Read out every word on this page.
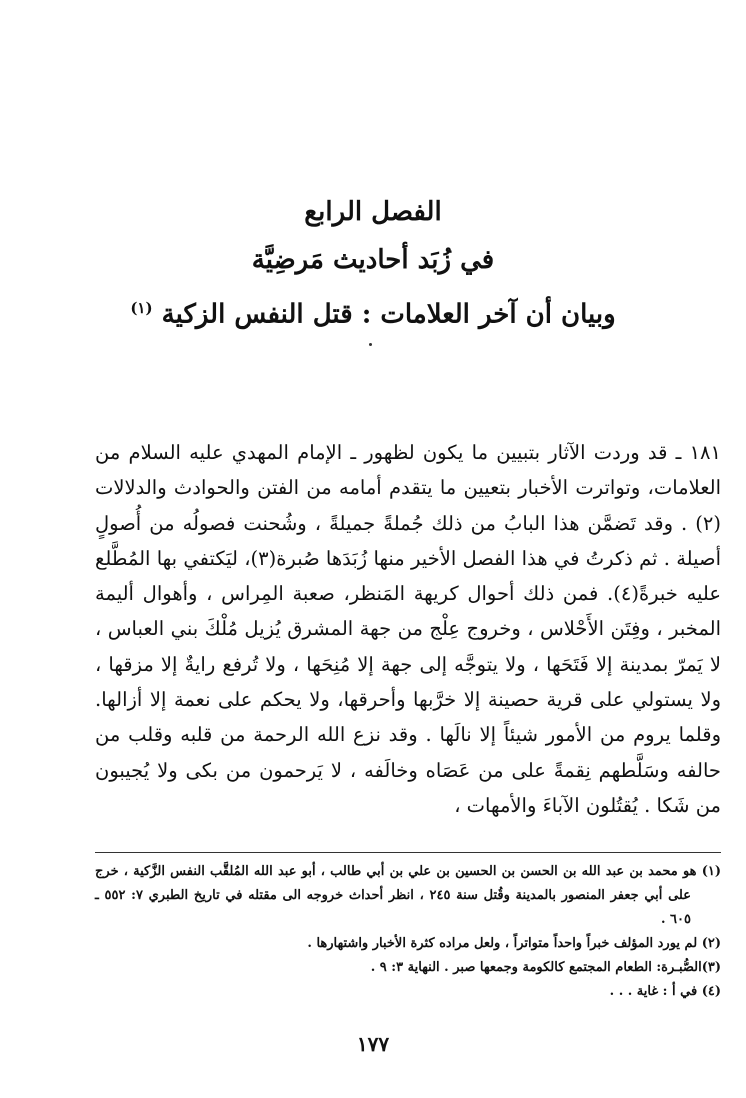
الفصل الرابع

في زُبَد أحاديث مَرضِيَّة

وبيان أن آخر العلامات : قتل النفس الزكية $^{(١)}$

١٨١ ـ قد وردت الآثار بتبيين ما يكون لظهور ـ الإمام المهدي عليه السلام من العلامات، وتواترت الأخبار بتعيين ما يتقدم أمامه من الفتن والحوادث والدلالات (٢) . وقد تَضمَّن هذا البابُ من ذلك جُملةً جميلةً ، وشُحنت فصولُه من أُصولٍ أصيلة . ثم ذكرتُ في هذا الفصل الأخير منها زُبَدَها صُبرة(٣)، ليَكتفي بها المُطَّلع عليه خبرةً(٤). فمن ذلك أحوال كريهة المَنظر، صعبة المِراس ، وأهوال أليمة المخبر ، وفِتَن الأَحْلاس ، وخروج عِلْج من جهة المشرق يُزيل مُلْكَ بني العباس ، لا يَمرّ بمدينة إلا فَتَحَها ، ولا يتوجَّه إلى جهة إلا مُنِحَها ، ولا تُرفع رايةٌ إلا مزقها ، ولا يستولي على قرية حصينة إلا خرَّبها وأحرقها، ولا يحكم على نعمة إلا أزالها. وقلما يروم من الأمور شيئاً إلا نالَها . وقد نزع الله الرحمة من قلبه وقلب من حالفه وسَلَّطهم نِقمةً على من عَصَاه وخالَفه ، لا يَرحمون من بكى ولا يُجيبون من شَكا . يُقتُلون الآباءَ والأمهات ،

(١) هو محمد بن عبد الله بن الحسن بن الحسين بن علي بن أبي طالب ، أبو عبد الله المُلقَّب النفس الزَّكية ، خرج على أبي جعفر المنصور بالمدينة وقُتل سنة ٢٤٥ ، انظر أحداث خروجه الى مقتله في تاريخ الطبري ٧: ٥٥٢ ـ ٦٠٥ .

(٢) لم يورد المؤلف خبراً واحداً متواتراً ، ولعل مراده كثرة الأخبار واشتهارها .

(٣)الصُّبـرة: الطعام المجتمع كالكومة وجمعها صبر . النهاية ٣: ٩ .

(٤) في أ : غاية . . .

١٧٧
